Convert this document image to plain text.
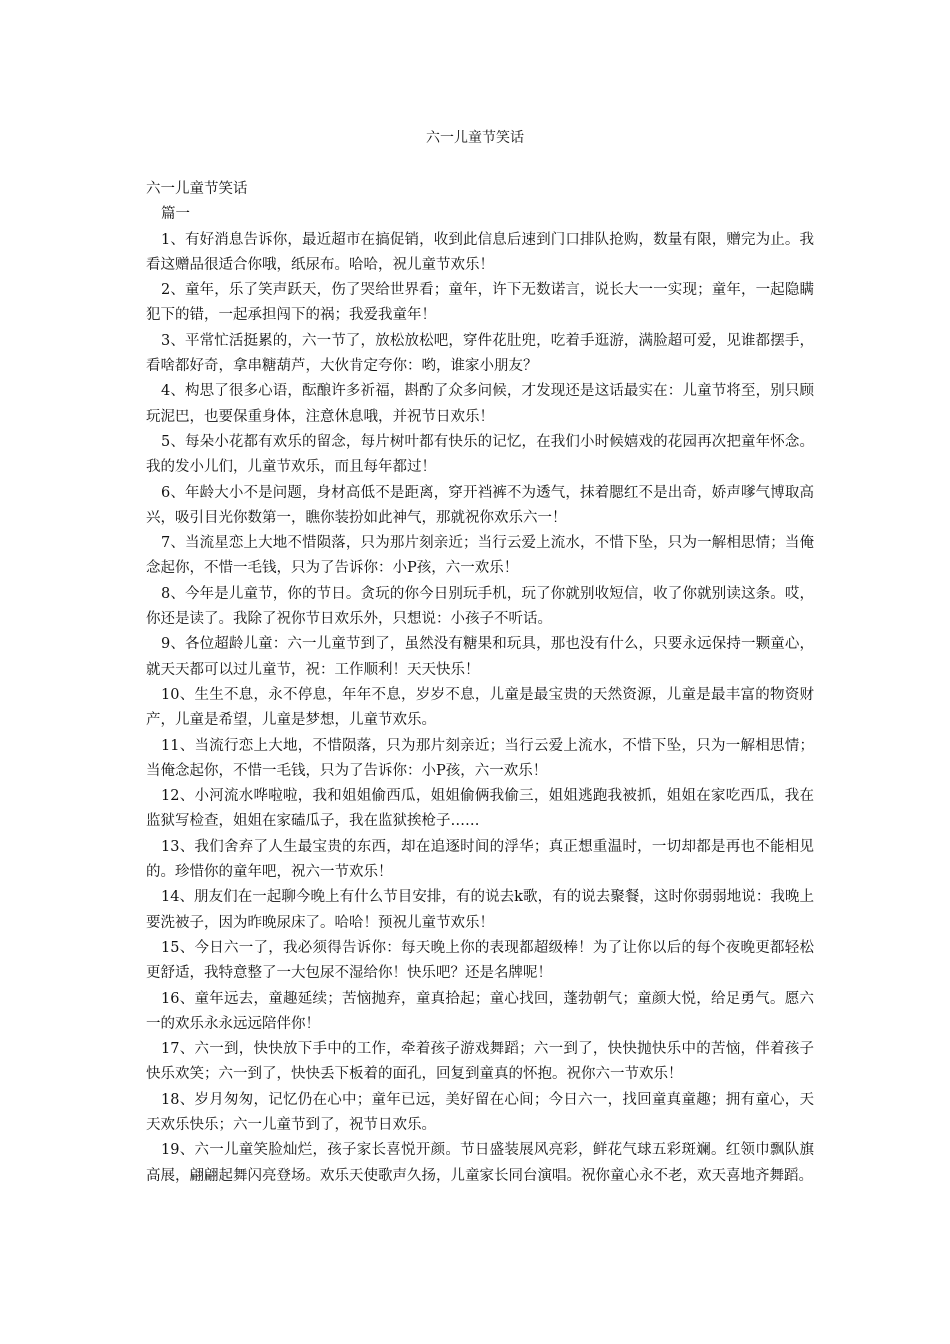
六一儿童节笑话

六一儿童节笑话

篇一

1、有好消息告诉你，最近超市在搞促销，收到此信息后速到门口排队抢购，数量有限，赠完为止。我看这赠品很适合你哦，纸尿布。哈哈，祝儿童节欢乐！

2、童年，乐了笑声跃天，伤了哭给世界看；童年，许下无数诺言，说长大一一实现；童年，一起隐瞒犯下的错，一起承担闯下的祸；我爱我童年！

3、平常忙活挺累的，六一节了，放松放松吧，穿件花肚兜，吃着手逛游，满脸超可爱，见谁都摆手，看啥都好奇，拿串糖葫芦，大伙肯定夸你：哟，谁家小朋友？

4、构思了很多心语，酝酿许多祈福，斟酌了众多问候，才发现还是这话最实在：儿童节将至，别只顾玩泥巴，也要保重身体，注意休息哦，并祝节日欢乐！

5、每朵小花都有欢乐的留念，每片树叶都有快乐的记忆，在我们小时候嬉戏的花园再次把童年怀念。我的发小儿们，儿童节欢乐，而且每年都过！

6、年龄大小不是问题，身材高低不是距离，穿开裆裤不为透气，抹着腮红不是出奇，娇声嗲气博取高兴，吸引目光你数第一，瞧你装扮如此神气，那就祝你欢乐六一！

7、当流星恋上大地不惜陨落，只为那片刻亲近；当行云爱上流水，不惜下坠，只为一解相思情；当俺念起你，不惜一毛钱，只为了告诉你：小P孩，六一欢乐！

8、今年是儿童节，你的节日。贪玩的你今日别玩手机，玩了你就别收短信，收了你就别读这条。哎，你还是读了。我除了祝你节日欢乐外，只想说：小孩子不听话。

9、各位超龄儿童：六一儿童节到了，虽然没有糖果和玩具，那也没有什么，只要永远保持一颗童心，就天天都可以过儿童节，祝：工作顺利！天天快乐！

10、生生不息，永不停息，年年不息，岁岁不息，儿童是最宝贵的天然资源，儿童是最丰富的物资财产，儿童是希望，儿童是梦想，儿童节欢乐。

11、当流行恋上大地，不惜陨落，只为那片刻亲近；当行云爱上流水，不惜下坠，只为一解相思情；当俺念起你，不惜一毛钱，只为了告诉你：小P孩，六一欢乐！

12、小河流水哗啦啦，我和姐姐偷西瓜，姐姐偷俩我偷三，姐姐逃跑我被抓，姐姐在家吃西瓜，我在监狱写检查，姐姐在家磕瓜子，我在监狱挨枪子……

13、我们舍弃了人生最宝贵的东西，却在追逐时间的浮华；真正想重温时，一切却都是再也不能相见的。珍惜你的童年吧，祝六一节欢乐！

14、朋友们在一起聊今晚上有什么节目安排，有的说去k歌，有的说去聚餐，这时你弱弱地说：我晚上要洗被子，因为昨晚尿床了。哈哈！预祝儿童节欢乐！

15、今日六一了，我必须得告诉你：每天晚上你的表现都超级棒！为了让你以后的每个夜晚更都轻松更舒适，我特意整了一大包尿不湿给你！快乐吧？还是名牌呢！

16、童年远去，童趣延续；苦恼抛弃，童真拾起；童心找回，蓬勃朝气；童颜大悦，给足勇气。愿六一的欢乐永永远远陪伴你！

17、六一到，快快放下手中的工作，牵着孩子游戏舞蹈；六一到了，快快抛快乐中的苦恼，伴着孩子快乐欢笑；六一到了，快快丢下板着的面孔，回复到童真的怀抱。祝你六一节欢乐！

18、岁月匆匆，记忆仍在心中；童年已远，美好留在心间；今日六一，找回童真童趣；拥有童心，天天欢乐快乐；六一儿童节到了，祝节日欢乐。

19、六一儿童笑脸灿烂，孩子家长喜悦开颜。节日盛装展风亮彩，鲜花气球五彩斑斓。红领巾飘队旗高展，翩翩起舞闪亮登场。欢乐天使歌声久扬，儿童家长同台演唱。祝你童心永不老，欢天喜地齐舞蹈。
